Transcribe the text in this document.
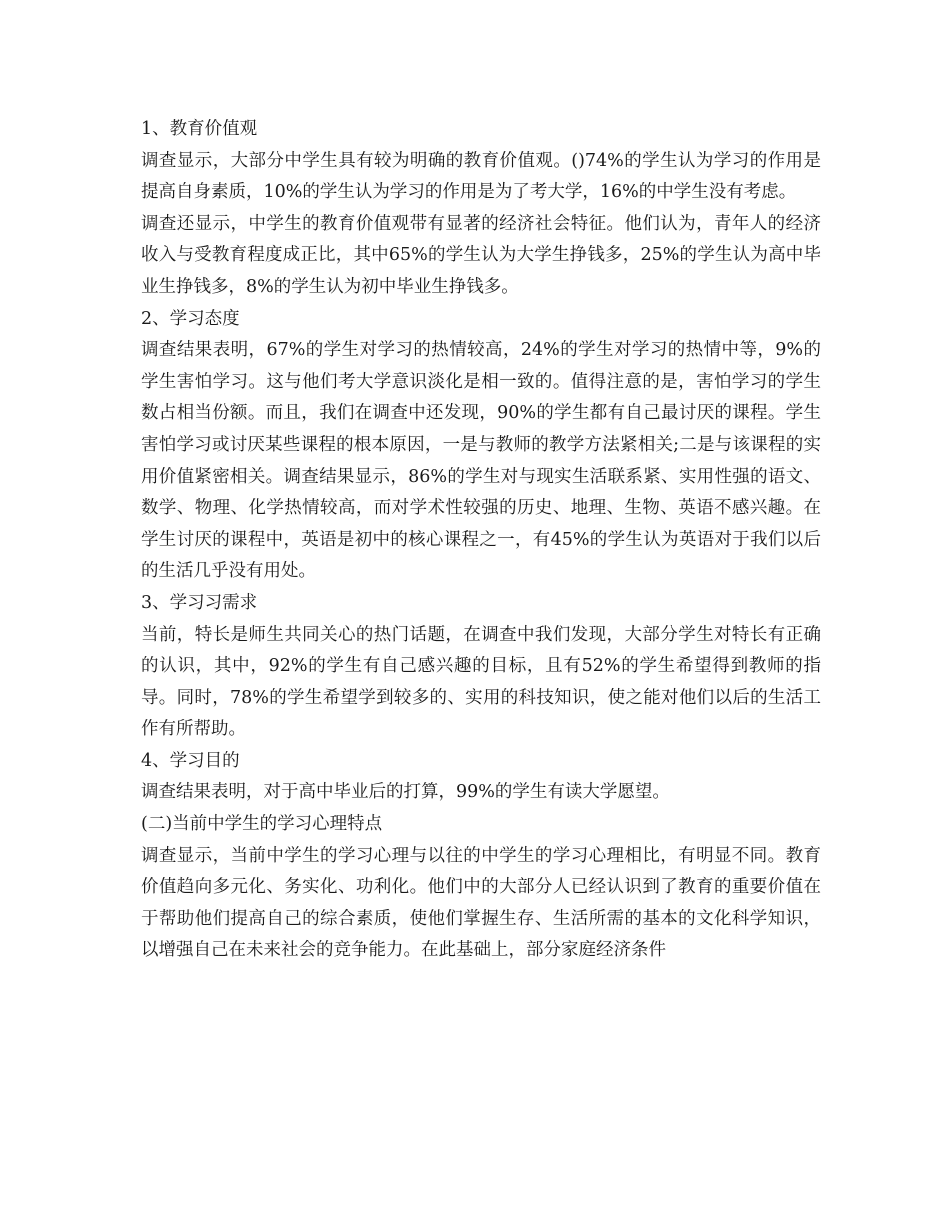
1、教育价值观

调查显示，大部分中学生具有较为明确的教育价值观。()74%的学生认为学习的作用是提高自身素质，10%的学生认为学习的作用是为了考大学，16%的中学生没有考虑。

调查还显示，中学生的教育价值观带有显著的经济社会特征。他们认为，青年人的经济收入与受教育程度成正比，其中65%的学生认为大学生挣钱多，25%的学生认为高中毕业生挣钱多，8%的学生认为初中毕业生挣钱多。

2、学习态度

调查结果表明，67%的学生对学习的热情较高，24%的学生对学习的热情中等，9%的学生害怕学习。这与他们考大学意识淡化是相一致的。值得注意的是，害怕学习的学生数占相当份额。而且，我们在调查中还发现，90%的学生都有自己最讨厌的课程。学生害怕学习或讨厌某些课程的根本原因，一是与教师的教学方法紧相关;二是与该课程的实用价值紧密相关。调查结果显示，86%的学生对与现实生活联系紧、实用性强的语文、数学、物理、化学热情较高，而对学术性较强的历史、地理、生物、英语不感兴趣。在学生讨厌的课程中，英语是初中的核心课程之一，有45%的学生认为英语对于我们以后的生活几乎没有用处。

3、学习习需求

当前，特长是师生共同关心的热门话题，在调查中我们发现，大部分学生对特长有正确的认识，其中，92%的学生有自己感兴趣的目标，且有52%的学生希望得到教师的指导。同时，78%的学生希望学到较多的、实用的科技知识，使之能对他们以后的生活工作有所帮助。

4、学习目的

调查结果表明，对于高中毕业后的打算，99%的学生有读大学愿望。

(二)当前中学生的学习心理特点

调查显示，当前中学生的学习心理与以往的中学生的学习心理相比，有明显不同。教育价值趋向多元化、务实化、功利化。他们中的大部分人已经认识到了教育的重要价值在于帮助他们提高自己的综合素质，使他们掌握生存、生活所需的基本的文化科学知识，以增强自己在未来社会的竞争能力。在此基础上，部分家庭经济条件
